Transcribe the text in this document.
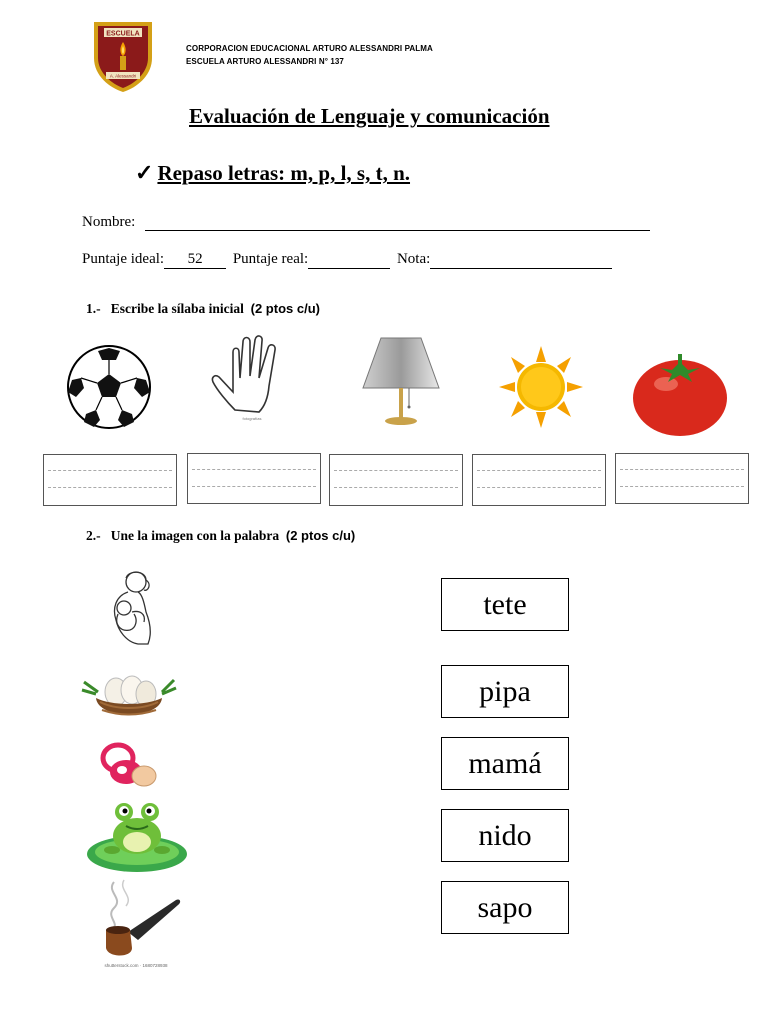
ESCUELA
A. Alessandri
CORPORACION EDUCACIONAL ARTURO ALESSANDRI PALMA
ESCUELA ARTURO ALESSANDRI N° 137
Evaluación de Lenguaje y comunicación
✓ Repaso letras: m, p, l, s, t, n.
Nombre:
Puntaje ideal: 52 Puntaje real:	Nota:
1.- Escribe la sílaba inicial (2 ptos c/u)
fotografías
2.- Une la imagen con la palabra (2 ptos c/u)
shutterstock.com · 1680728938
tete
pipa
mamá
nido
sapo
